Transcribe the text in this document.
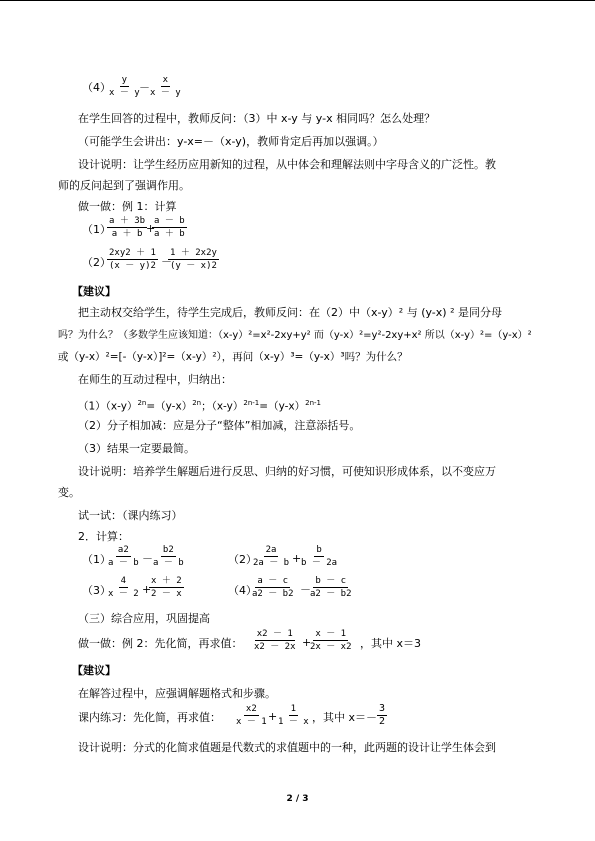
（4）
$\frac{y}{x - y}$
－
$\frac{x}{x - y}$
在学生回答的过程中，教师反问：（3）中 x-y 与 y-x 相同吗？怎么处理？
（可能学生会讲出：y-x=－（x-y)，教师肯定后再加以强调。）
设计说明：让学生经历应用新知的过程，从中体会和理解法则中字母含义的广泛性。教
师的反问起到了强调作用。
做一做：例 1：计算
（1）
$\frac{a + 3b}{a + b}$
+
$\frac{a - b}{a + b}$
（2）
$\frac{2xy2 + 1}{(x - y)2}$ －
$\frac{1 + 2x2y}{(y - x)2}$
【建议】
把主动权交给学生，待学生完成后，教师反问：在（2）中（x-y）² 与 (y-x) ² 是同分母
吗？为什么？（多数学生应该知道：（x-y）²=x²-2xy+y² 而（y-x）²=y²-2xy+x² 所以（x-y）²=（y-x）²
或（y-x）²=[-（y-x）]²=（x-y）²），再问（x-y）³=（y-x）³吗？为什么？
在师生的互动过程中，归纳出：
$(1)(x-y)^{2n}=(y-x)^{2n}$；$(x-y)^{2n-1}=(y-x)^{2n-1}$
（2）分子相加减：应是分子“整体”相加减，注意添括号。
（3）结果一定要最简。
设计说明：培养学生解题后进行反思、归纳的好习惯，可使知识形成体系，以不变应万
变。
试一试：（课内练习）
2．计算：
（1）
$\frac{a2}{a - b}$ －
$\frac{b2}{a - b}$	（2）
$\frac{2a}{2a - b}$ +
$\frac{b}{b - 2a}$
（3）
$\frac{4}{x - 2}$ +
$\frac{x + 2}{2 - x}$	（4）
$\frac{a - c}{a2 - b2}$ －
$\frac{b - c}{a2 - b2}$
（三）综合应用，巩固提高
做一做：例 2：先化简，再求值： $\frac{x2 - 1}{x2 - 2x}$ +
$\frac{x - 1}{2x - x2}$ ，其中 x＝3
【建议】
在解答过程中，应强调解题格式和步骤。
课内练习：先化简，再求值： $\frac{x2}{x - 1}$ +
$\frac{1}{1 - x}$ ，其中 $x=- \frac{3}{2}$
设计说明：分式的化简求值题是代数式的求值题中的一种，此两题的设计让学生体会到
2 / 3
